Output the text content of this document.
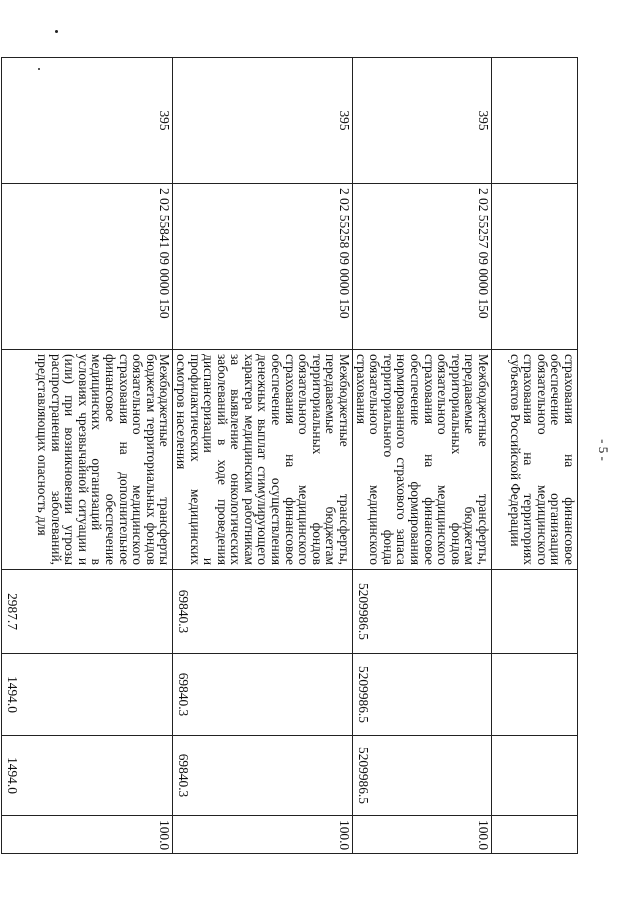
- 5 -
		страхования на финансовое обеспечение организации обязательного медицинского страхования на территориях субъектов Российской Федерации				
395	2 02 55257 09 0000 150	Межбюджетные трансферты, передаваемые бюджетам территориальных фондов обязательного медицинского страхования на финансовое обеспечение формирования нормированного страхового запаса территориального фонда обязательного медицинского страхования	5209986.5	5209986.5	5209986.5	100.0
395	2 02 55258 09 0000 150	Межбюджетные трансферты, передаваемые бюджетам территориальных фондов обязательного медицинского страхования на финансовое обеспечение осуществления денежных выплат стимулирующего характера медицинским работникам за выявление онкологических заболеваний в ходе проведения диспансеризации и профилактических медицинских осмотров населения	69840.3	69840.3	69840.3	100.0
395	2 02 55841 09 0000 150	Межбюджетные трансферты бюджетам территориальных фондов обязательного медицинского страхования на дополнительное финансовое обеспечение медицинских организаций в условиях чрезвычайной ситуации и (или) при возникновении угрозы распространения заболеваний, представляющих опасность для	2987.7	1494.0	1494.0	100.0
